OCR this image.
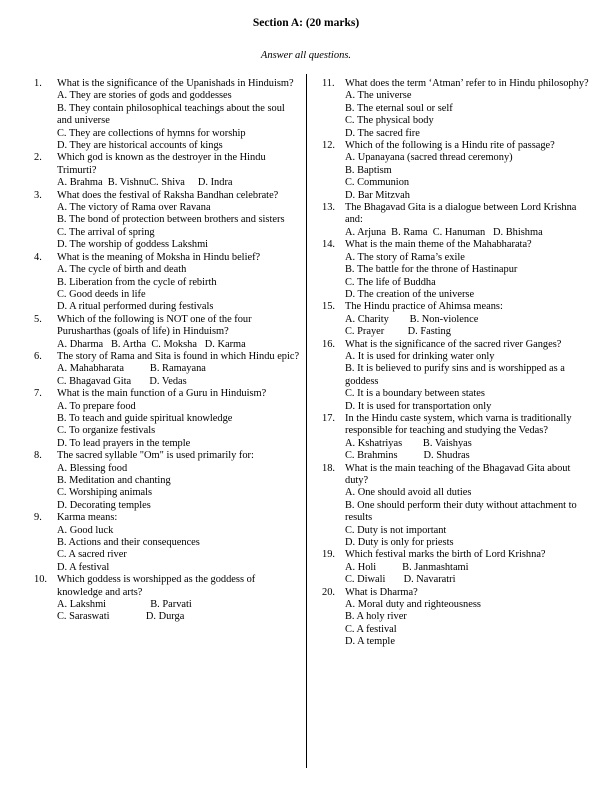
Section A: (20 marks)
Answer all questions.
1. What is the significance of the Upanishads in Hinduism?
A. They are stories of gods and goddesses
B. They contain philosophical teachings about the soul and universe
C. They are collections of hymns for worship
D. They are historical accounts of kings
2. Which god is known as the destroyer in the Hindu Trimurti?
A. Brahma  B. VishnuC. Shiva     D. Indra
3. What does the festival of Raksha Bandhan celebrate?
A. The victory of Rama over Ravana
B. The bond of protection between brothers and sisters
C. The arrival of spring
D. The worship of goddess Lakshmi
4. What is the meaning of Moksha in Hindu belief?
A. The cycle of birth and death
B. Liberation from the cycle of rebirth
C. Good deeds in life
D. A ritual performed during festivals
5. Which of the following is NOT one of the four Purusharthas (goals of life) in Hinduism?
A. Dharma   B. Artha  C. Moksha   D. Karma
6. The story of Rama and Sita is found in which Hindu epic?
A. Mahabharata          B. Ramayana
C. Bhagavad Gita       D. Vedas
7. What is the main function of a Guru in Hinduism?
A. To prepare food
B. To teach and guide spiritual knowledge
C. To organize festivals
D. To lead prayers in the temple
8. The sacred syllable "Om" is used primarily for:
A. Blessing food
B. Meditation and chanting
C. Worshiping animals
D. Decorating temples
9. Karma means:
A. Good luck
B. Actions and their consequences
C. A sacred river
D. A festival
10. Which goddess is worshipped as the goddess of knowledge and arts?
A. Lakshmi                 B. Parvati
C. Saraswati              D. Durga
11. What does the term ‘Atman’ refer to in Hindu philosophy?
A. The universe
B. The eternal soul or self
C. The physical body
D. The sacred fire
12. Which of the following is a Hindu rite of passage?
A. Upanayana (sacred thread ceremony)
B. Baptism
C. Communion
D. Bar Mitzvah
13. The Bhagavad Gita is a dialogue between Lord Krishna and:
A. Arjuna  B. Rama  C. Hanuman   D. Bhishma
14. What is the main theme of the Mahabharata?
A. The story of Rama’s exile
B. The battle for the throne of Hastinapur
C. The life of Buddha
D. The creation of the universe
15. The Hindu practice of Ahimsa means:
A. Charity        B. Non-violence
C. Prayer         D. Fasting
16. What is the significance of the sacred river Ganges?
A. It is used for drinking water only
B. It is believed to purify sins and is worshipped as a goddess
C. It is a boundary between states
D. It is used for transportation only
17. In the Hindu caste system, which varna is traditionally responsible for teaching and studying the Vedas?
A. Kshatriyas        B. Vaishyas
C. Brahmins          D. Shudras
18. What is the main teaching of the Bhagavad Gita about duty?
A. One should avoid all duties
B. One should perform their duty without attachment to results
C. Duty is not important
D. Duty is only for priests
19. Which festival marks the birth of Lord Krishna?
A. Holi          B. Janmashtami
C. Diwali       D. Navaratri
20. What is Dharma?
A. Moral duty and righteousness
B. A holy river
C. A festival
D. A temple
